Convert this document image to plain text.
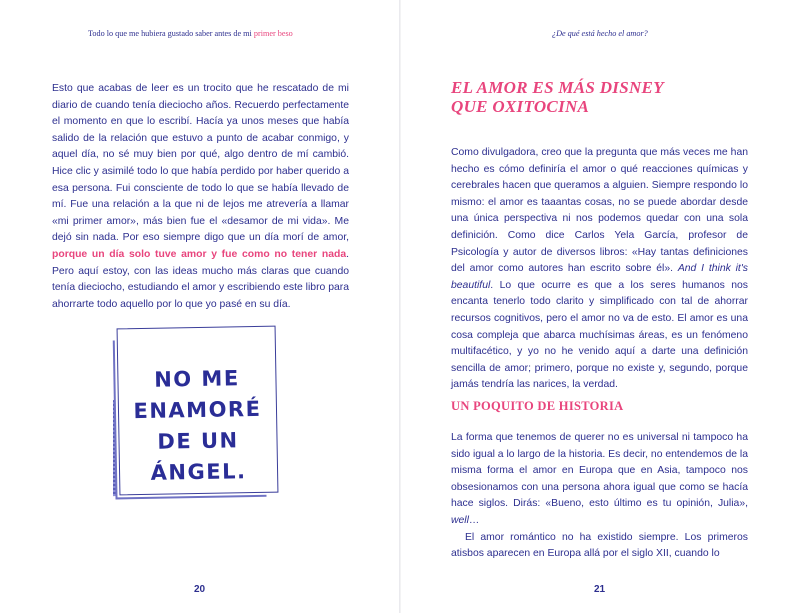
Todo lo que me hubiera gustado saber antes de mi primer beso

Esto que acabas de leer es un trocito que he rescatado de mi diario de cuando tenía dieciocho años. Recuerdo perfectamente el momento en que lo escribí. Hacía ya unos meses que había salido de la relación que estuvo a punto de acabar conmigo, y aquel día, no sé muy bien por qué, algo dentro de mí cambió. Hice clic y asimilé todo lo que había perdido por haber querido a esa persona. Fui consciente de todo lo que se había llevado de mí. Fue una relación a la que ni de lejos me atrevería a llamar «mi primer amor», más bien fue el «desamor de mi vida». Me dejó sin nada. Por eso siempre digo que un día morí de amor, porque un día solo tuve amor y fue como no tener nada. Pero aquí estoy, con las ideas mucho más claras que cuando tenía dieciocho, estudiando el amor y escribiendo este libro para ahorrarte todo aquello por lo que yo pasé en su día.

NO ME
ENAMORÉ
DE UN ÁNGEL.
20
¿De qué está hecho el amor?
EL AMOR ES MÁS DISNEY
QUE OXITOCINA

Como divulgadora, creo que la pregunta que más veces me han hecho es cómo definiría el amor o qué reacciones químicas y cerebrales hacen que queramos a alguien. Siempre respondo lo mismo: el amor es taaantas cosas, no se puede abordar desde una única perspectiva ni nos podemos quedar con una sola definición. Como dice Carlos Yela García, profesor de Psicología y autor de diversos libros: «Hay tantas definiciones del amor como autores han escrito sobre él». And I think it's beautiful. Lo que ocurre es que a los seres humanos nos encanta tenerlo todo clarito y simplificado con tal de ahorrar recursos cognitivos, pero el amor no va de esto. El amor es una cosa compleja que abarca muchísimas áreas, es un fenómeno multifacético, y yo no he venido aquí a darte una definición sencilla de amor; primero, porque no existe y, segundo, porque jamás tendría las narices, la verdad.

UN POQUITO DE HISTORIA

La forma que tenemos de querer no es universal ni tampoco ha sido igual a lo largo de la historia. Es decir, no entendemos de la misma forma el amor en Europa que en Asia, tampoco nos obsesionamos con una persona ahora igual que como se hacía hace siglos. Dirás: «Bueno, esto último es tu opinión, Julia», well…

El amor romántico no ha existido siempre. Los primeros atisbos aparecen en Europa allá por el siglo XII, cuando lo

21
